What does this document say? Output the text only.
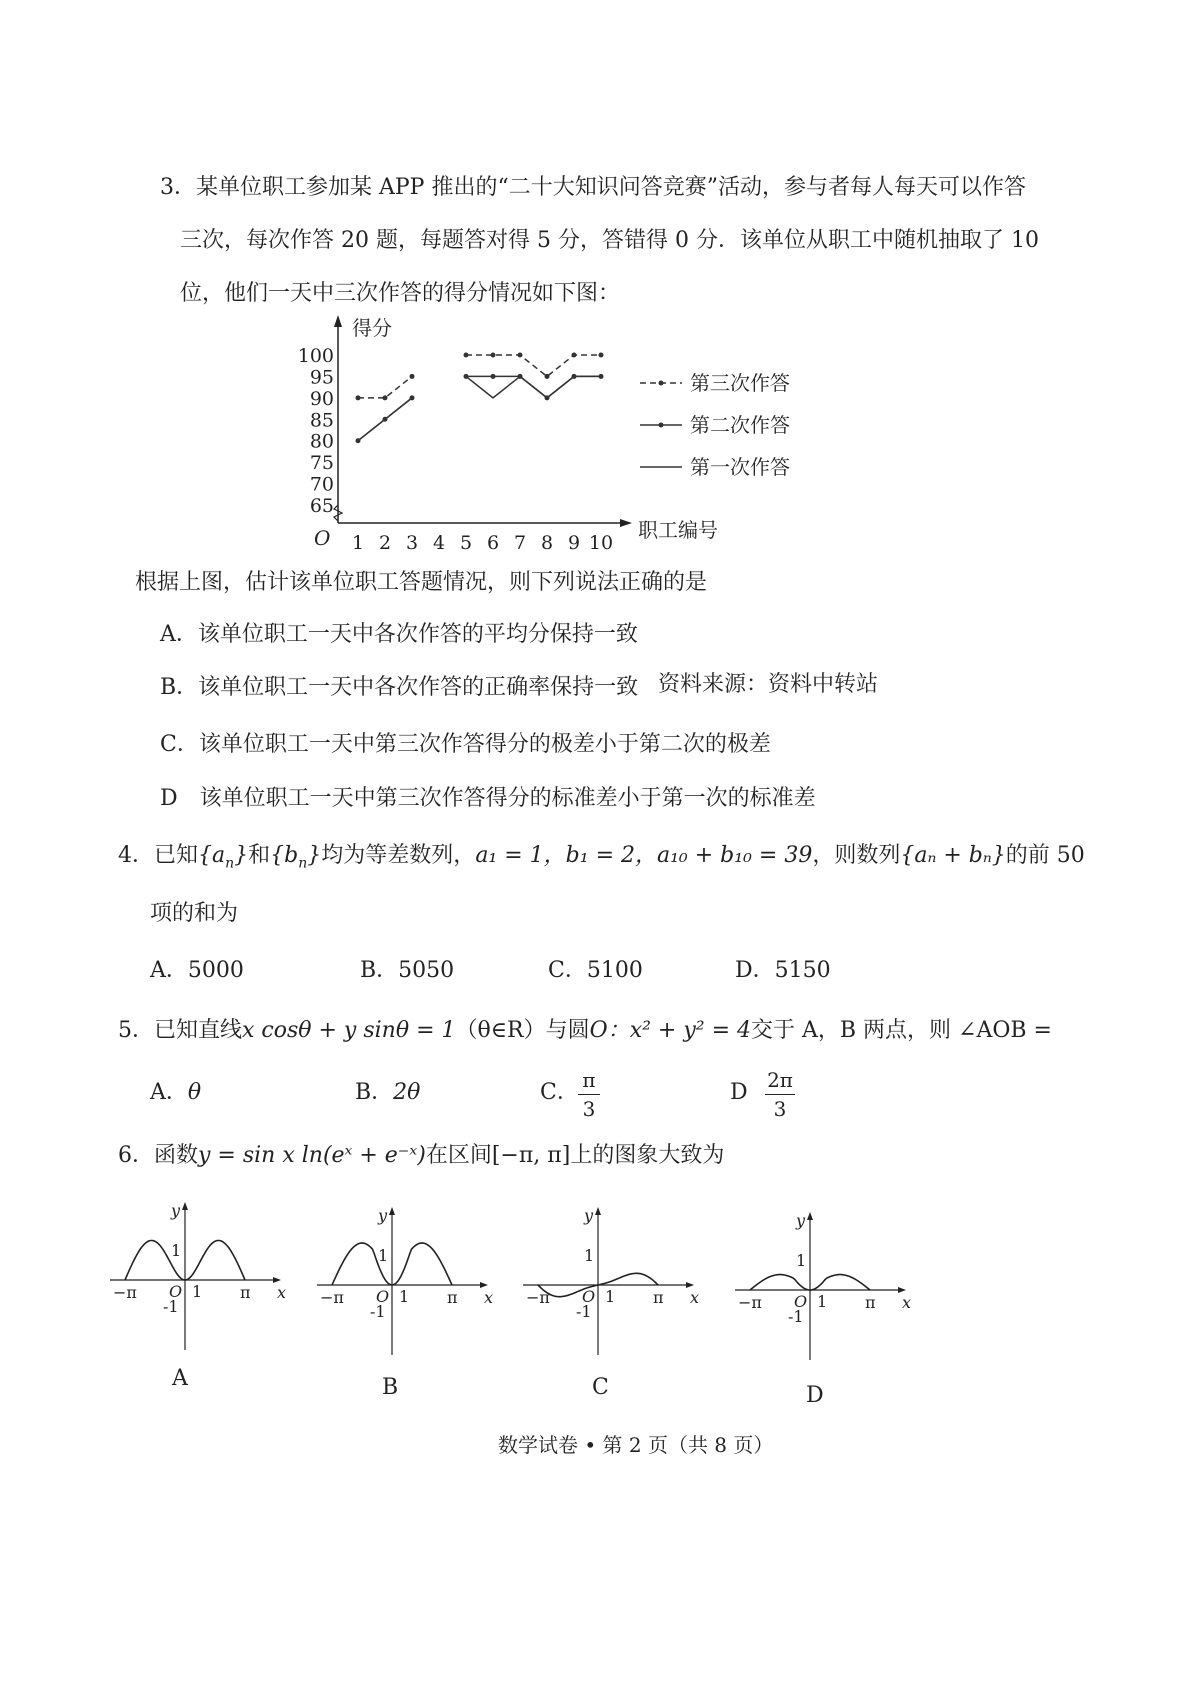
3．某单位职工参加某 APP 推出的“二十大知识问答竞赛”活动，参与者每人每天可以作答
三次，每次作答 20 题，每题答对得 5 分，答错得 0 分．该单位从职工中随机抽取了 10
位，他们一天中三次作答的得分情况如下图：
得分
职工编号
O
100
95
90
85
80
75
70
65
1 2 3 4 5 6 7 8 9 10
第三次作答
第二次作答
第一次作答
根据上图，估计该单位职工答题情况，则下列说法正确的是
A．该单位职工一天中各次作答的平均分保持一致
B．该单位职工一天中各次作答的正确率保持一致 资料来源：资料中转站
C．该单位职工一天中第三次作答得分的极差小于第二次的极差
D　该单位职工一天中第三次作答得分的标准差小于第一次的标准差
4．已知$\{a_n\}$和$\{b_n\}$均为等差数列，a₁ = 1，b₁ = 2，a₁₀ + b₁₀ = 39，则数列{aₙ + bₙ}的前 50
项的和为
A．5000	B．5050	C．5100	D．5150
5．已知直线x cosθ + y sinθ = 1（θ∈R）与圆O：x² + y² = 4交于 A，B 两点，则 ∠AOB =
A．θ	B．2θ	C． π
3
D 2π
3
6．函数y = sin x ln(eˣ + e⁻ˣ)在区间[−π, π]上的图象大致为
y
x
O
1
1
-1
π
−π
y
x
O
1
1
-1
π
−π
y
x
O
1
1
-1
π
−π
y
x
O
1
1
-1
π
−π
A	B	C	D
数学试卷 • 第 2 页（共 8 页）
